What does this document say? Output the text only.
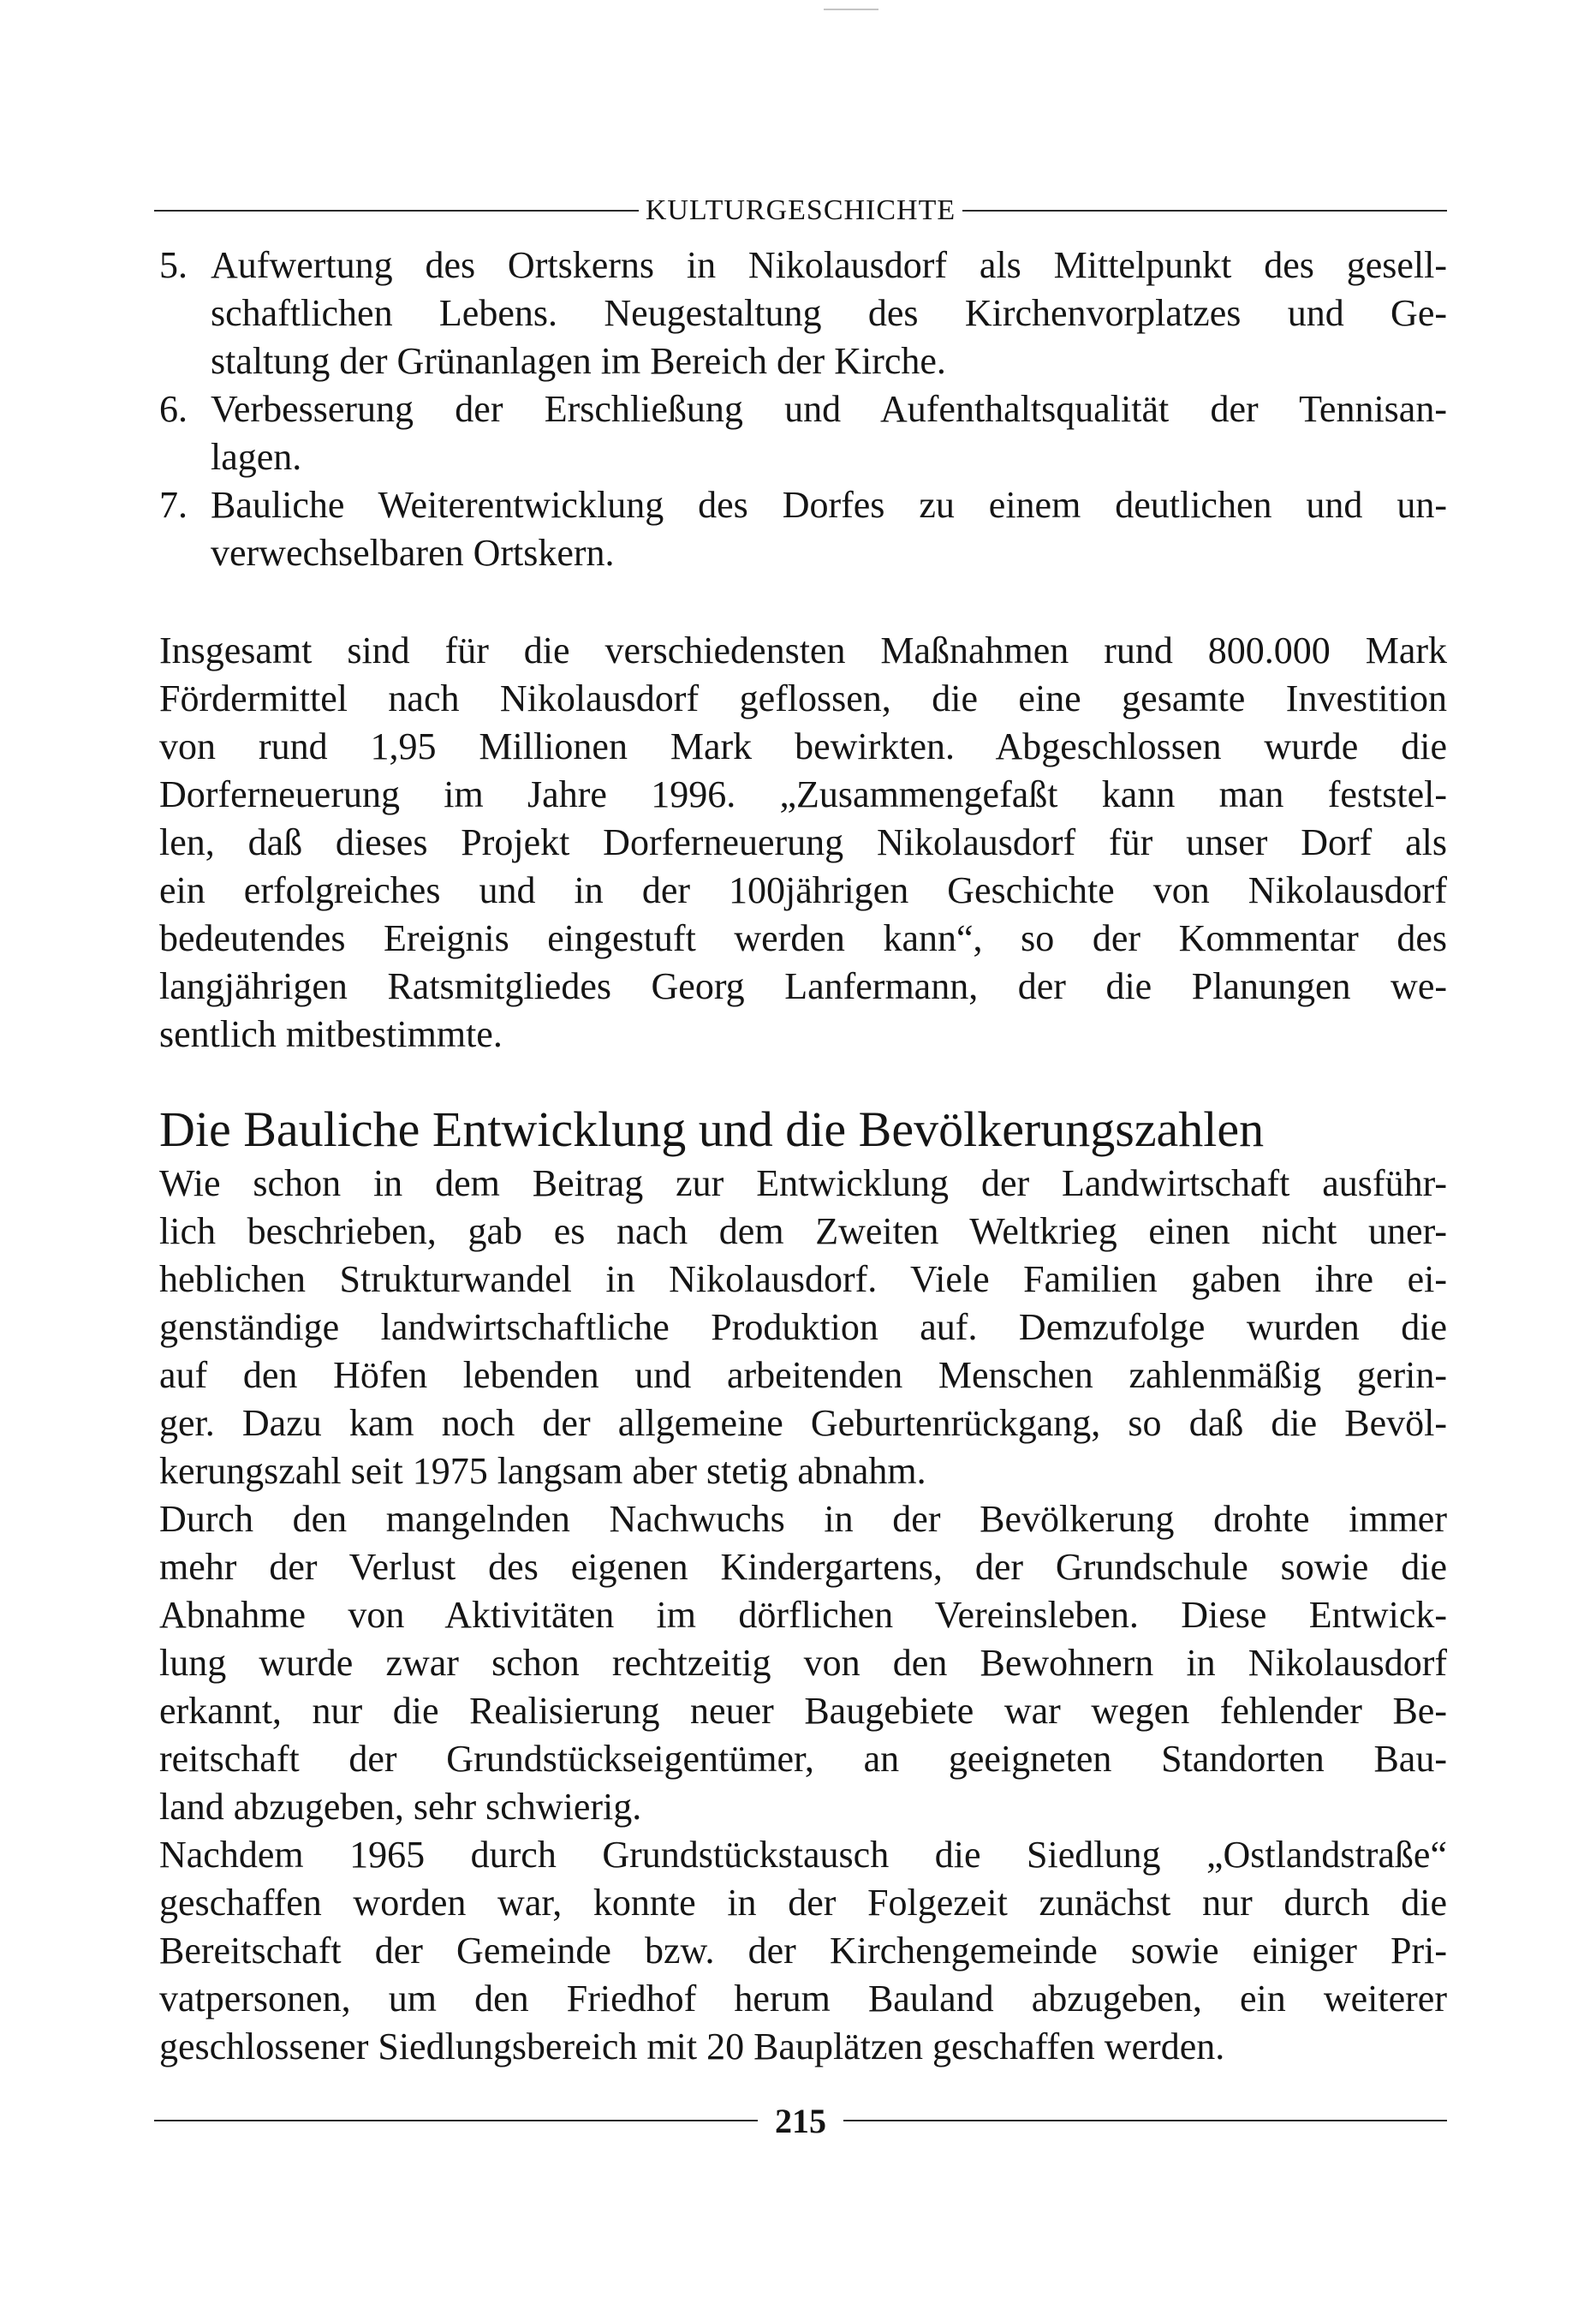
KULTURGESCHICHTE
5. Aufwertung des Ortskerns in Nikolausdorf als Mittelpunkt des gesell-
schaftlichen Lebens. Neugestaltung des Kirchenvorplatzes und Ge-
staltung der Grünanlagen im Bereich der Kirche.
6. Verbesserung der Erschließung und Aufenthaltsqualität der Tennisan-
lagen.
7. Bauliche Weiterentwicklung des Dorfes zu einem deutlichen und un-
verwechselbaren Ortskern.
Insgesamt sind für die verschiedensten Maßnahmen rund 800.000 Mark
Fördermittel nach Nikolausdorf geflossen, die eine gesamte Investition
von rund 1,95 Millionen Mark bewirkten. Abgeschlossen wurde die
Dorferneuerung im Jahre 1996. „Zusammengefaßt kann man feststel-
len, daß dieses Projekt Dorferneuerung Nikolausdorf für unser Dorf als
ein erfolgreiches und in der 100jährigen Geschichte von Nikolausdorf
bedeutendes Ereignis eingestuft werden kann“, so der Kommentar des
langjährigen Ratsmitgliedes Georg Lanfermann, der die Planungen we-
sentlich mitbestimmte.
Die Bauliche Entwicklung und die Bevölkerungszahlen
Wie schon in dem Beitrag zur Entwicklung der Landwirtschaft ausführ-
lich beschrieben, gab es nach dem Zweiten Weltkrieg einen nicht uner-
heblichen Strukturwandel in Nikolausdorf. Viele Familien gaben ihre ei-
genständige landwirtschaftliche Produktion auf. Demzufolge wurden die
auf den Höfen lebenden und arbeitenden Menschen zahlenmäßig gerin-
ger. Dazu kam noch der allgemeine Geburtenrückgang, so daß die Bevöl-
kerungszahl seit 1975 langsam aber stetig abnahm.
Durch den mangelnden Nachwuchs in der Bevölkerung drohte immer
mehr der Verlust des eigenen Kindergartens, der Grundschule sowie die
Abnahme von Aktivitäten im dörflichen Vereinsleben. Diese Entwick-
lung wurde zwar schon rechtzeitig von den Bewohnern in Nikolausdorf
erkannt, nur die Realisierung neuer Baugebiete war wegen fehlender Be-
reitschaft der Grundstückseigentümer, an geeigneten Standorten Bau-
land abzugeben, sehr schwierig.
Nachdem 1965 durch Grundstückstausch die Siedlung „Ostlandstraße“
geschaffen worden war, konnte in der Folgezeit zunächst nur durch die
Bereitschaft der Gemeinde bzw. der Kirchengemeinde sowie einiger Pri-
vatpersonen, um den Friedhof herum Bauland abzugeben, ein weiterer
geschlossener Siedlungsbereich mit 20 Bauplätzen geschaffen werden.
215
